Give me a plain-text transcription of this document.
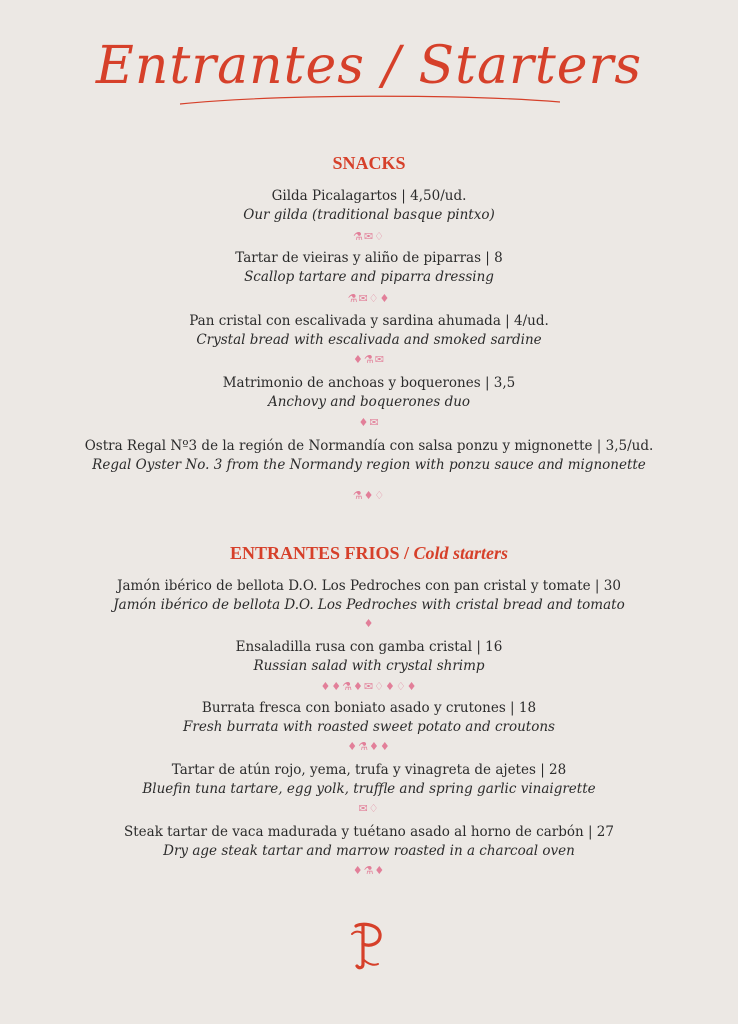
Entrantes / Starters
SNACKS
Gilda Picalagartos | 4,50/ud.
Our gilda (traditional basque pintxo)
⚗✉♢
Tartar de vieiras y aliño de piparras | 8
Scallop tartare and piparra dressing
⚗✉♢♦
Pan cristal con escalivada y sardina ahumada | 4/ud.
Crystal bread with escalivada and smoked sardine
♦⚗✉
Matrimonio de anchoas y boquerones | 3,5
Anchovy and boquerones duo
♦✉
Ostra Regal Nº3 de la región de Normandía con salsa ponzu y mignonette | 3,5/ud.
Regal Oyster No. 3 from the Normandy region with ponzu sauce and mignonette
⚗♦♢
ENTRANTES FRIOS / Cold starters
Jamón ibérico de bellota D.O. Los Pedroches con pan cristal y tomate | 30
Jamón ibérico de bellota D.O. Los Pedroches with cristal bread and tomato
♦
Ensaladilla rusa con gamba cristal | 16
Russian salad with crystal shrimp
♦♦⚗♦✉♢♦♢♦
Burrata fresca con boniato asado y crutones | 18
Fresh burrata with roasted sweet potato and croutons
♦⚗♦♦
Tartar de atún rojo, yema, trufa y vinagreta de ajetes | 28
Bluefin tuna tartare, egg yolk, truffle and spring garlic vinaigrette
✉♢
Steak tartar de vaca madurada y tuétano asado al horno de carbón | 27
Dry age steak tartar and marrow roasted in a charcoal oven
♦⚗♦
